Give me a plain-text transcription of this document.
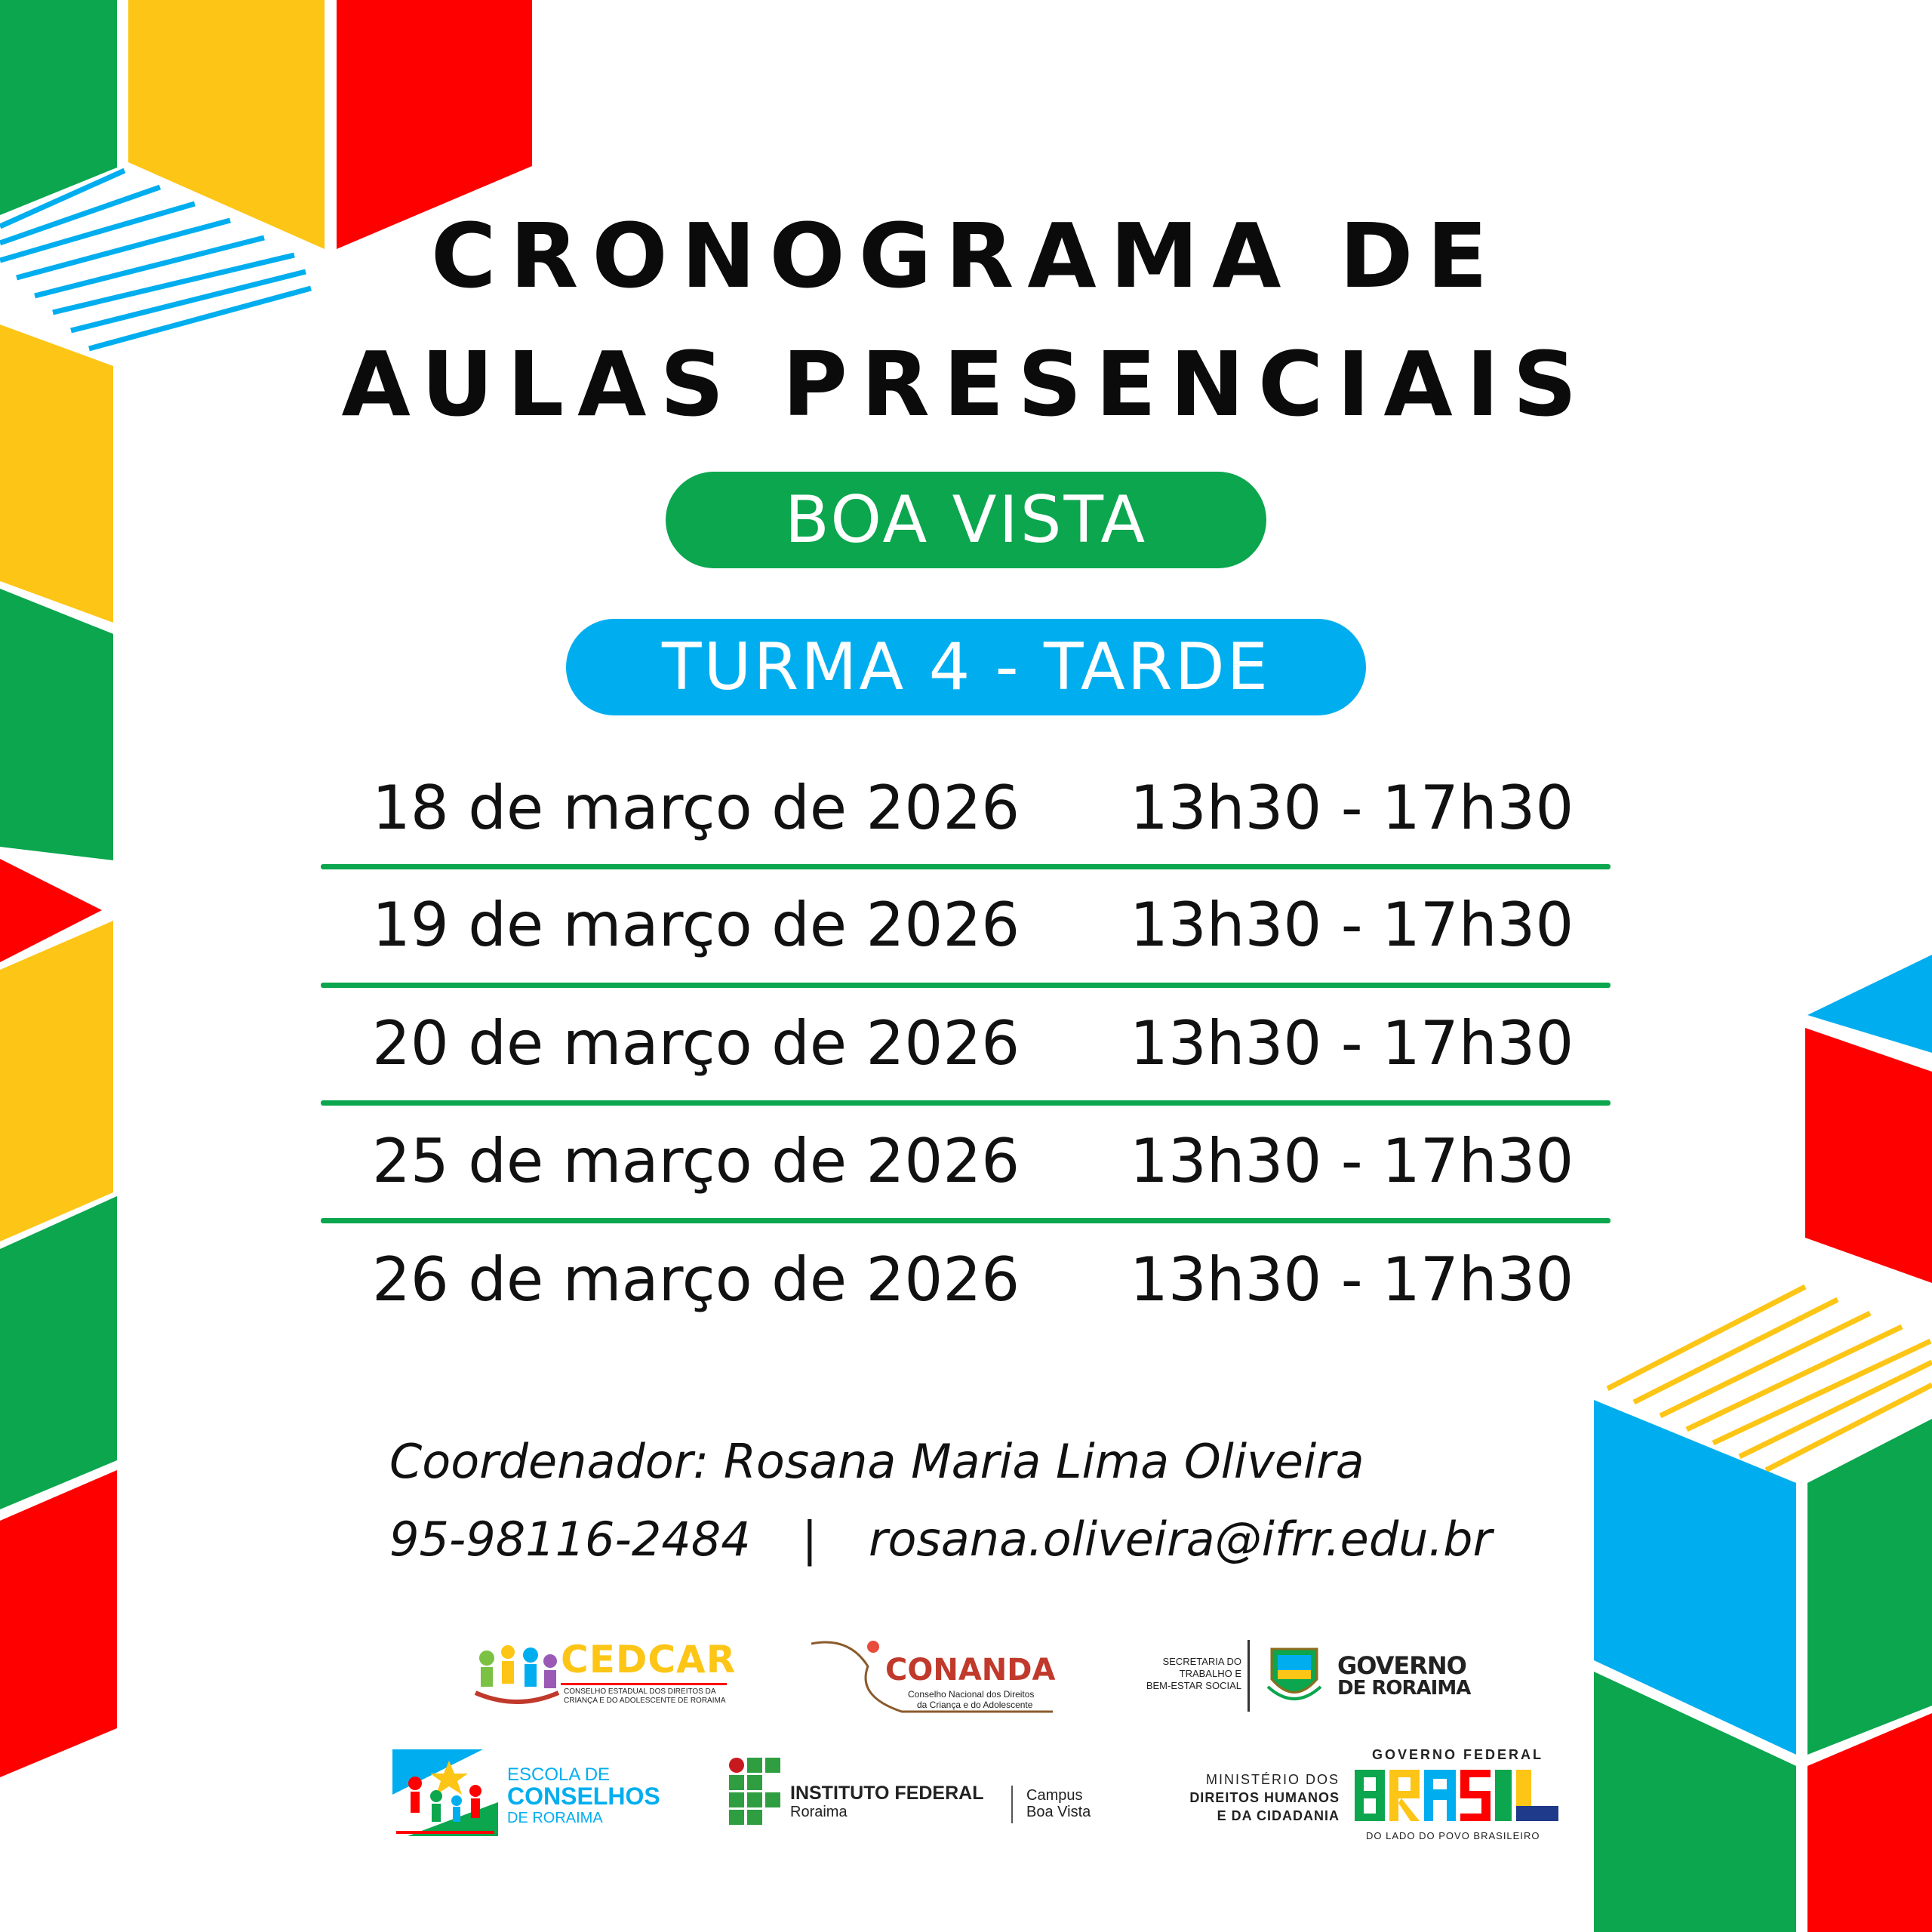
CRONOGRAMA DE
AULAS PRESENCIAIS
BOA VISTA
TURMA 4 - TARDE
18 de março de 2026 13h30 - 17h30
19 de março de 2026 13h30 - 17h30
20 de março de 2026 13h30 - 17h30
25 de março de 2026 13h30 - 17h30
26 de março de 2026 13h30 - 17h30
Coordenador: Rosana Maria Lima Oliveira
95-98116-2484 | rosana.oliveira@ifrr.edu.br
CEDCAR
CONSELHO ESTADUAL DOS DIREITOS DA
CRIANÇA E DO ADOLESCENTE DE RORAIMA
CONANDA
Conselho Nacional dos Direitos
da Criança e do Adolescente
SECRETARIA DO
TRABALHO E
BEM-ESTAR SOCIAL
GOVERNO
DE RORAIMA
ESCOLA DE
CONSELHOS
DE RORAIMA
INSTITUTO FEDERAL
Roraima
Campus
Boa Vista
MINISTÉRIO DOS
DIREITOS HUMANOS
E DA CIDADANIA
GOVERNO FEDERAL
DO LADO DO POVO BRASILEIRO
